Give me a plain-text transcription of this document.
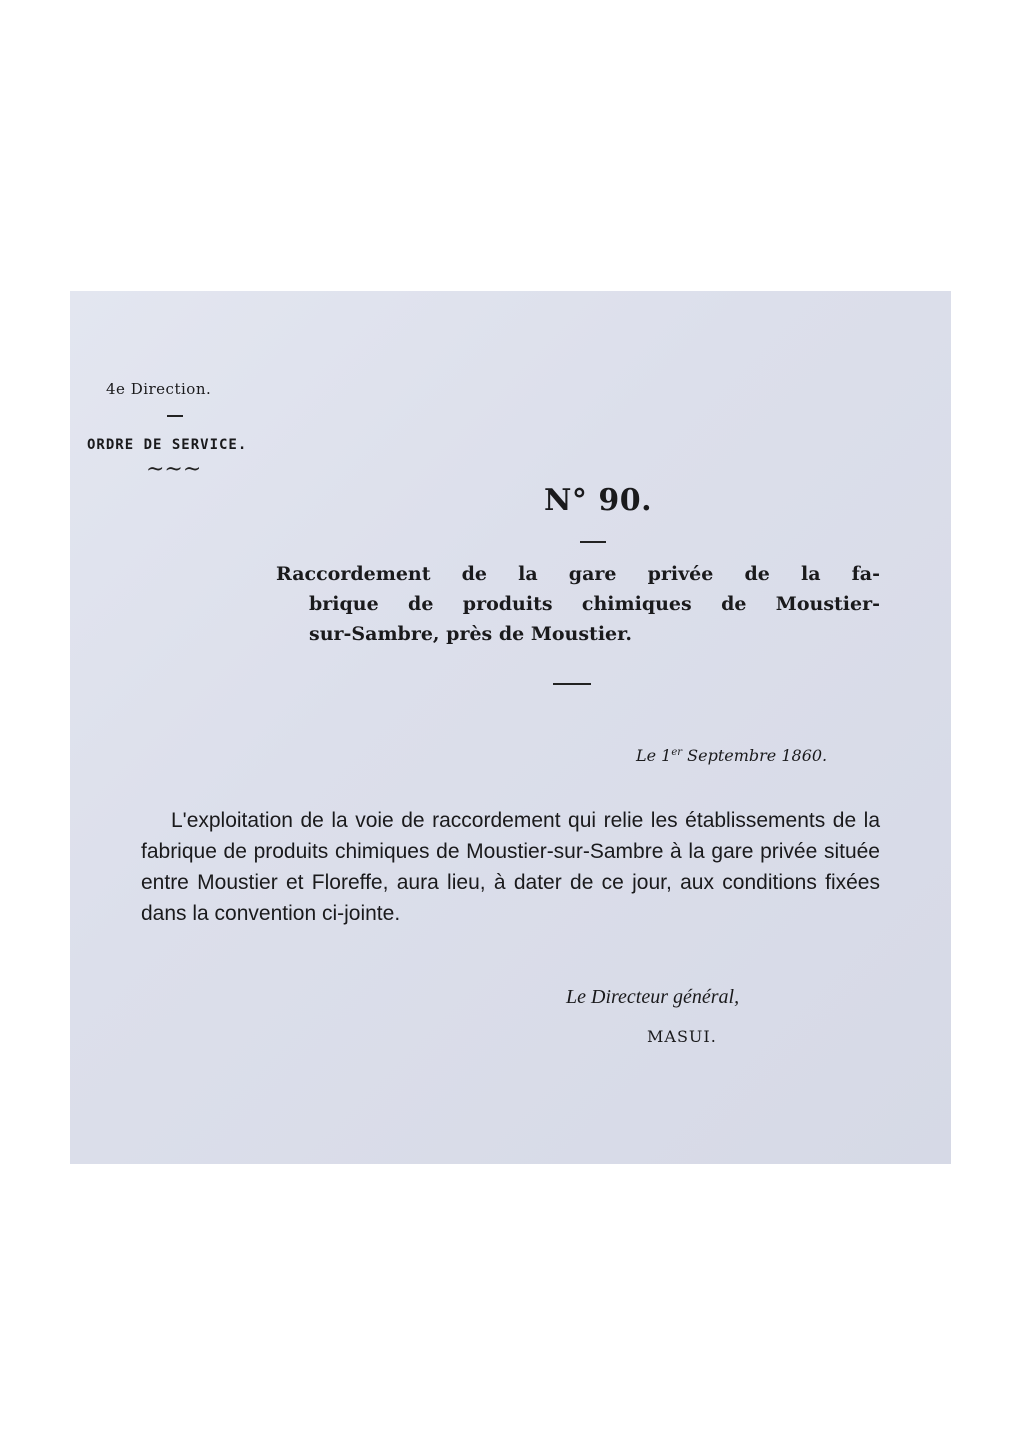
4e Direction.
ORDRE DE SERVICE.
~~~
N° 90.
Raccordement de la gare privée de la fa-
brique de produits chimiques de Moustier-
sur-Sambre, près de Moustier.
Le 1er Septembre 1860.
L'exploitation de la voie de raccordement qui relie les établissements de la fabrique de produits chimiques de Moustier-sur-Sambre à la gare privée située entre Moustier et Floreffe, aura lieu, à dater de ce jour, aux conditions fixées dans la convention ci-jointe.
Le Directeur général,
MASUI.
